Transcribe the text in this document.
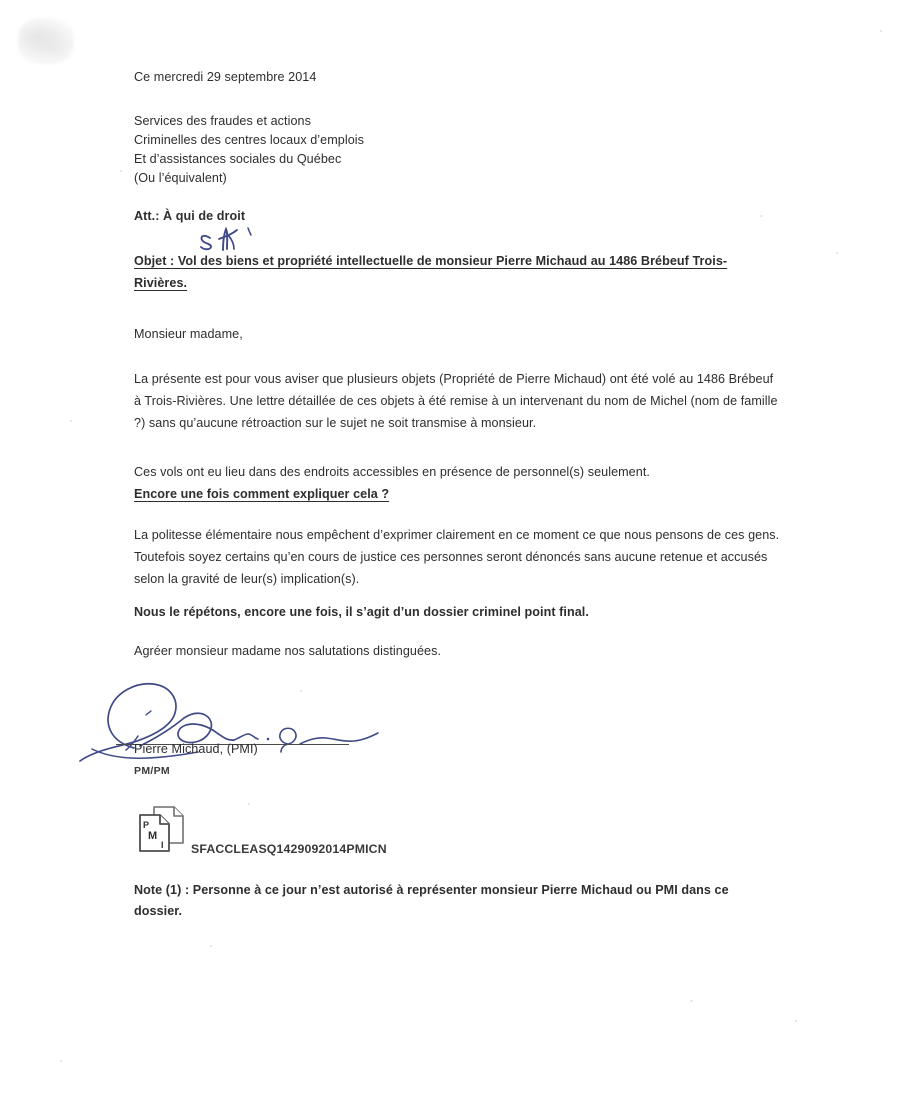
Ce mercredi 29 septembre 2014
Services des fraudes et actions
Criminelles des centres locaux d’emplois
Et d’assistances sociales du Québec
(Ou l’équivalent)
Att.: À qui de droit
Objet : Vol des biens et propriété intellectuelle de monsieur Pierre Michaud au 1486 Brébeuf Trois-Rivières.
Monsieur madame,
La présente est pour vous aviser que plusieurs objets (Propriété de Pierre Michaud) ont été volé au 1486 Brébeuf à Trois-Rivières. Une lettre détaillée de ces objets à été remise à un intervenant du nom de Michel (nom de famille ?) sans qu’aucune rétroaction sur le sujet ne soit transmise à monsieur.
Ces vols ont eu lieu dans des endroits accessibles en présence de personnel(s) seulement.
Encore une fois comment expliquer cela ?
La politesse élémentaire nous empêchent d’exprimer clairement en ce moment ce que nous pensons de ces gens. Toutefois soyez certains qu’en cours de justice ces personnes seront dénoncés sans aucune retenue et accusés selon la gravité de leur(s) implication(s).
Nous le répétons, encore une fois, il s’agit d’un dossier criminel point final.
Agréer monsieur madame nos salutations distinguées.
Pierre Michaud, (PMI)
PM/PM
P
M
I SFACCLEASQ1429092014PMICN
Note (1) : Personne à ce jour n’est autorisé à représenter monsieur Pierre Michaud ou PMI dans ce dossier.
